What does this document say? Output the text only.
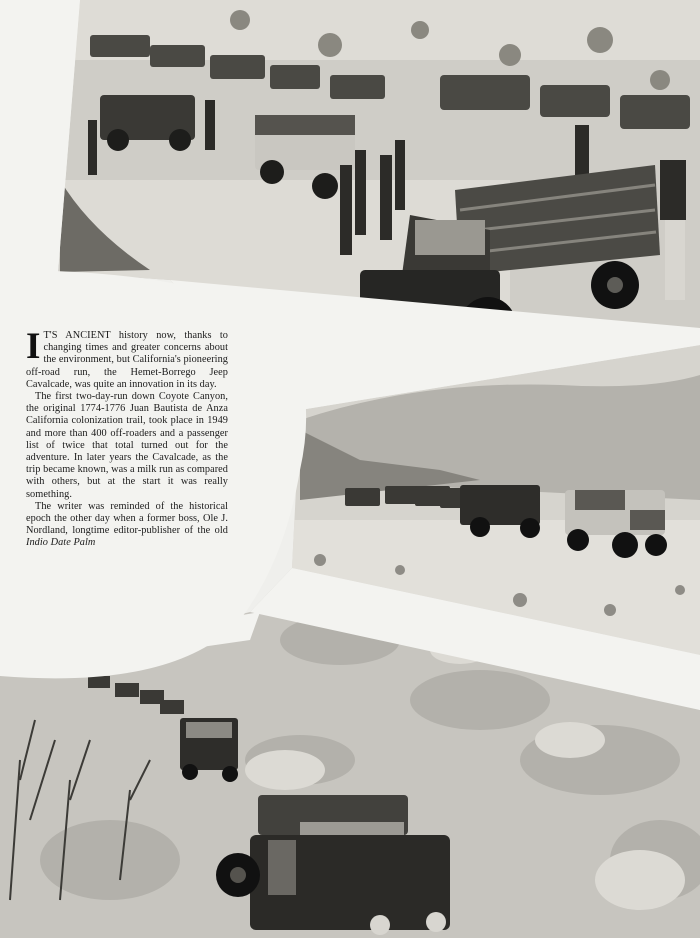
I T'S ANCIENT history now, thanks to changing times and greater concerns about the environment, but California's pioneering off-road run, the Hemet-Borrego Jeep Cavalcade, was quite an innovation in its day.

The first two-day-run down Coyote Canyon, the original 1774-1776 Juan Bautista de Anza California colonization trail, took place in 1949 and more than 400 off-roaders and a passenger list of twice that total turned out for the adventure. In later years the Cavalcade, as the trip became known, was a milk run as compared with others, but at the start it was really something.

The writer was reminded of the historical epoch the other day when a former boss, Ole J. Nordland, longtime editor-publisher of the old Indio Date Palm
